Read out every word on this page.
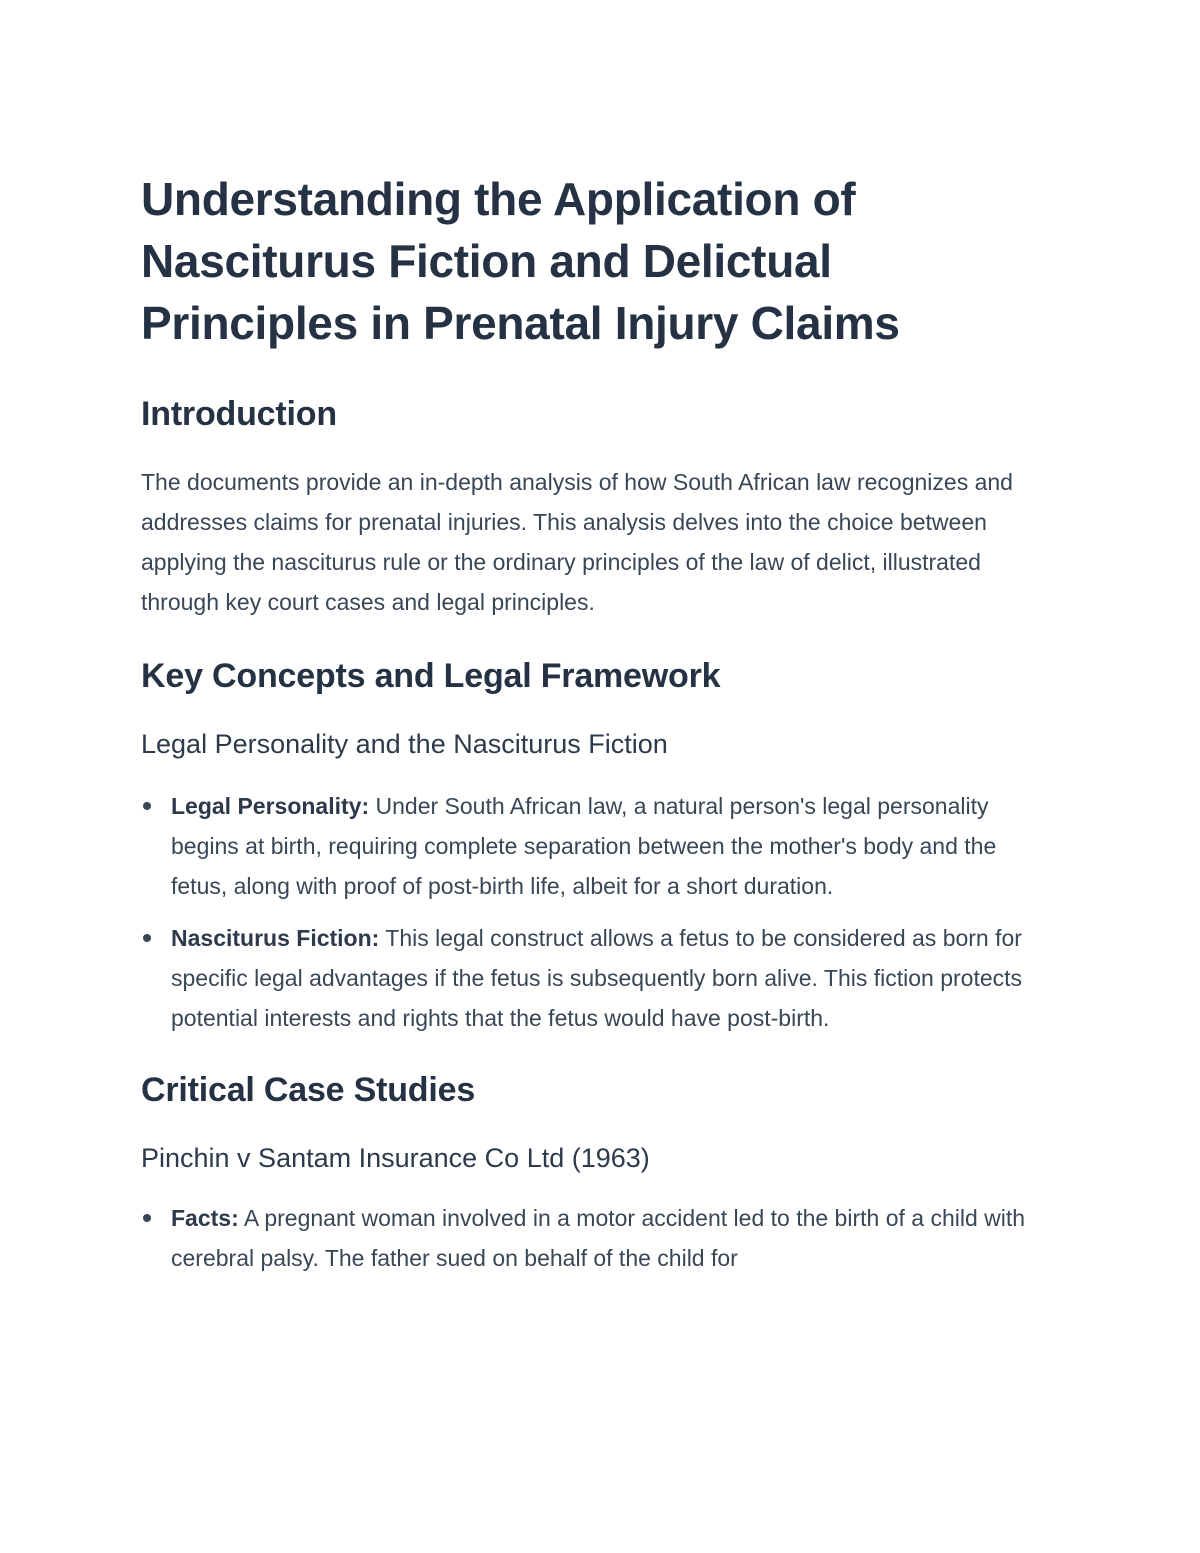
Understanding the Application of Nasciturus Fiction and Delictual Principles in Prenatal Injury Claims
Introduction

The documents provide an in-depth analysis of how South African law recognizes and addresses claims for prenatal injuries. This analysis delves into the choice between applying the nasciturus rule or the ordinary principles of the law of delict, illustrated through key court cases and legal principles.

Key Concepts and Legal Framework
Legal Personality and the Nasciturus Fiction
Legal Personality: Under South African law, a natural person's legal personality begins at birth, requiring complete separation between the mother's body and the fetus, along with proof of post-birth life, albeit for a short duration.
Nasciturus Fiction: This legal construct allows a fetus to be considered as born for specific legal advantages if the fetus is subsequently born alive. This fiction protects potential interests and rights that the fetus would have post-birth.
Critical Case Studies
Pinchin v Santam Insurance Co Ltd (1963)
Facts: A pregnant woman involved in a motor accident led to the birth of a child with cerebral palsy. The father sued on behalf of the child for
